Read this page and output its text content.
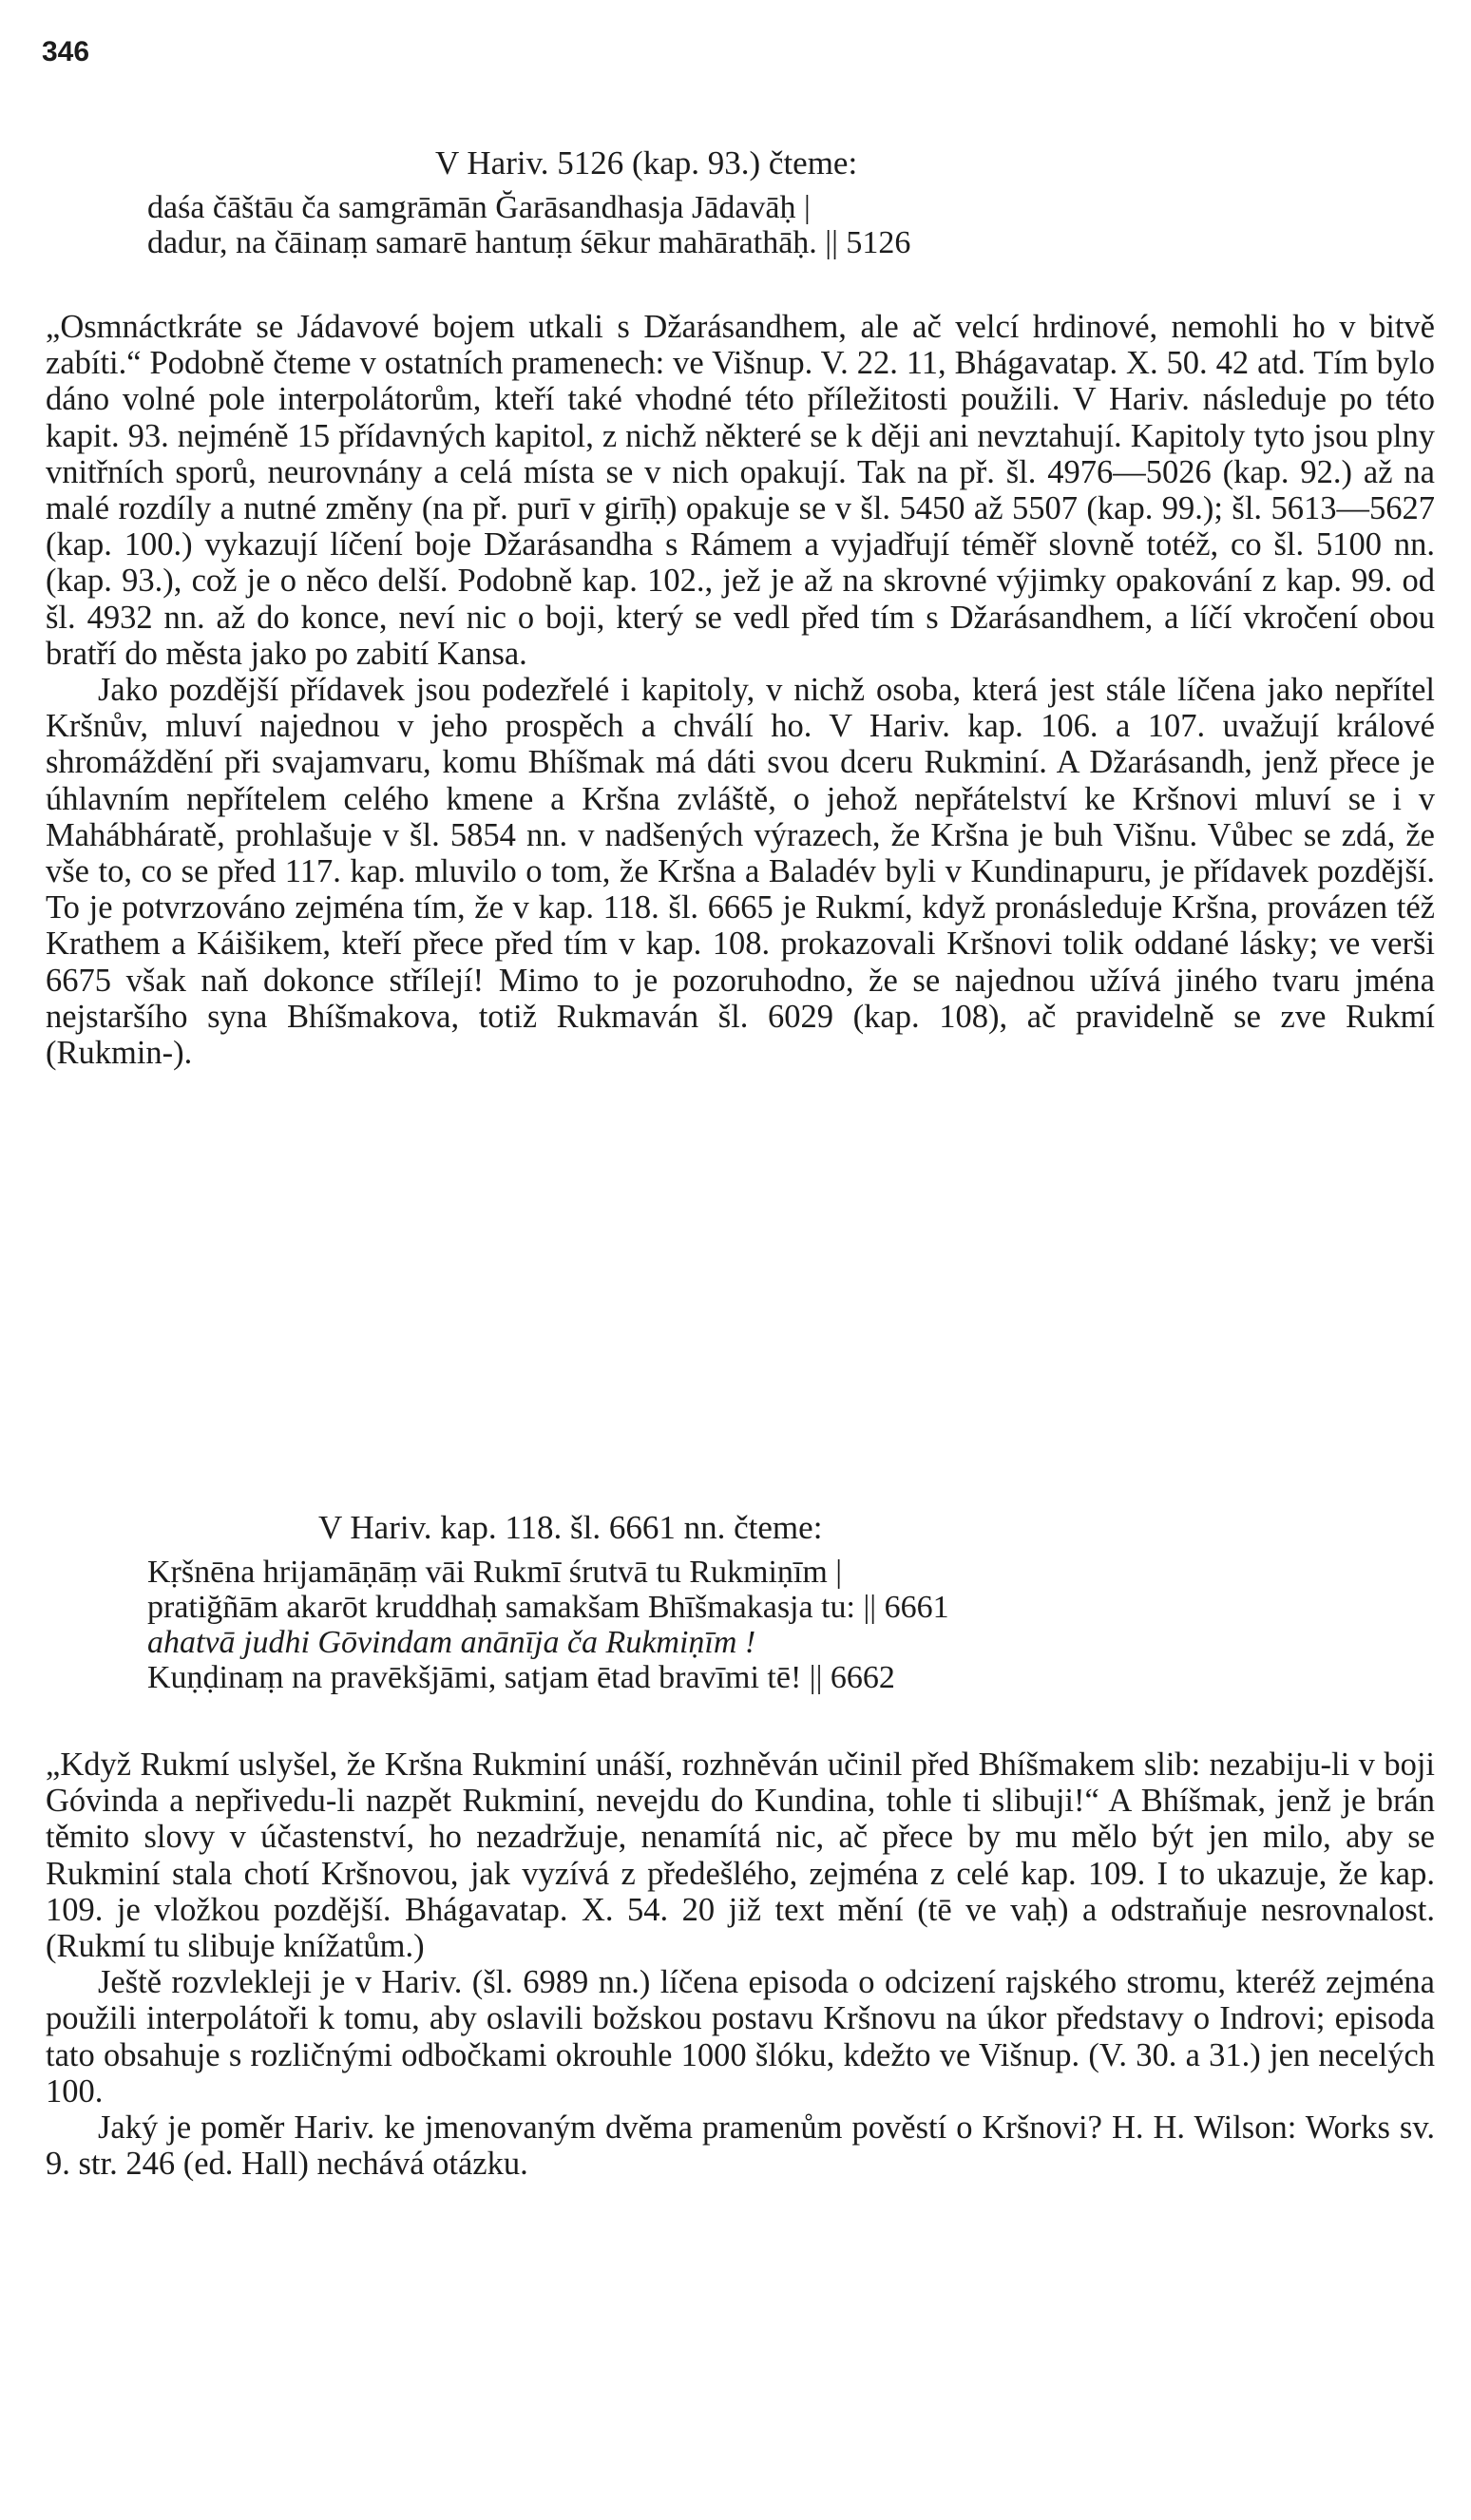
346
V Hariv. 5126 (kap. 93.) čteme:
daśa čāštāu ča samgrāmān Ğarāsandhasja Jādavāḥ |
dadur, na čāinaṃ samarē hantuṃ śēkur mahārathāḥ. || 5126
„Osmnáctkráte se Jádavové bojem utkali s Džarásandhem, ale ač velcí hrdinové, nemohli ho v bitvě zabíti.“ Podobně čteme v ostatních pramenech: ve Višnup. V. 22. 11, Bhágavatap. X. 50. 42 atd. Tím bylo dáno volné pole interpolátorům, kteří také vhodné této příležitosti použili. V Hariv. následuje po této kapit. 93. nejméně 15 přídavných kapitol, z nichž některé se k ději ani nevztahují. Kapitoly tyto jsou plny vnitřních sporů, neurovnány a celá místa se v nich opakují. Tak na př. šl. 4976—5026 (kap. 92.) až na malé rozdíly a nutné změny (na př. purī v girīḥ) opakuje se v šl. 5450 až 5507 (kap. 99.); šl. 5613—5627 (kap. 100.) vykazují líčení boje Džarásandha s Rámem a vyjadřují téměř slovně totéž, co šl. 5100 nn. (kap. 93.), což je o něco delší. Podobně kap. 102., jež je až na skrovné výjimky opakování z kap. 99. od šl. 4932 nn. až do konce, neví nic o boji, který se vedl před tím s Džarásandhem, a líčí vkročení obou bratří do města jako po zabití Kansa.
Jako pozdější přídavek jsou podezřelé i kapitoly, v nichž osoba, která jest stále líčena jako nepřítel Kršnův, mluví najednou v jeho prospěch a chválí ho. V Hariv. kap. 106. a 107. uvažují králové shromáždění při svajamvaru, komu Bhíšmak má dáti svou dceru Rukminí. A Džarásandh, jenž přece je úhlavním nepřítelem celého kmene a Kršna zvláště, o jehož nepřátelství ke Kršnovi mluví se i v Mahábháratě, prohlašuje v šl. 5854 nn. v nadšených výrazech, že Kršna je buh Višnu. Vůbec se zdá, že vše to, co se před 117. kap. mluvilo o tom, že Kršna a Baladév byli v Kundinapuru, je přídavek pozdější. To je potvrzováno zejména tím, že v kap. 118. šl. 6665 je Rukmí, když pronásleduje Kršna, provázen též Krathem a Káišikem, kteří přece před tím v kap. 108. prokazovali Kršnovi tolik oddané lásky; ve verši 6675 však naň dokonce střílejí! Mimo to je pozoruhodno, že se najednou užívá jiného tvaru jména nejstaršího syna Bhíšmakova, totiž Rukmaván šl. 6029 (kap. 108), ač pravidelně se zve Rukmí (Rukmin-).
V Hariv. kap. 118. šl. 6661 nn. čteme:
Kṛšnēna hrijamāṇāṃ vāi Rukmī śrutvā tu Rukmiṇīm |
pratiğñām akarōt kruddhaḥ samakšam Bhīšmakasja tu: || 6661
ahatvā judhi Gōvindam anānīja ča Rukmiṇīm !
Kuṇḍinaṃ na pravēkšjāmi, satjam ētad bravīmi tē! || 6662
„Když Rukmí uslyšel, že Kršna Rukminí unáší, rozhněván učinil před Bhíšmakem slib: nezabiju-li v boji Góvinda a nepřivedu-li nazpět Rukminí, nevejdu do Kundina, tohle ti slibuji!“ A Bhíšmak, jenž je brán těmito slovy v účastenství, ho nezadržuje, nenamítá nic, ač přece by mu mělo být jen milo, aby se Rukminí stala chotí Kršnovou, jak vyzívá z předešlého, zejména z celé kap. 109. I to ukazuje, že kap. 109. je vložkou pozdější. Bhágavatap. X. 54. 20 již text mění (tē ve vaḥ) a odstraňuje nesrovnalost. (Rukmí tu slibuje knížatům.)
Ještě rozvlekleji je v Hariv. (šl. 6989 nn.) líčena episoda o odcizení rajského stromu, kteréž zejména použili interpolátoři k tomu, aby oslavili božskou postavu Kršnovu na úkor představy o Indrovi; episoda tato obsahuje s rozličnými odbočkami okrouhle 1000 šlóku, kdežto ve Višnup. (V. 30. a 31.) jen necelých 100.
Jaký je poměr Hariv. ke jmenovaným dvěma pramenům pověstí o Kršnovi? H. H. Wilson: Works sv. 9. str. 246 (ed. Hall) nechává otázku.
